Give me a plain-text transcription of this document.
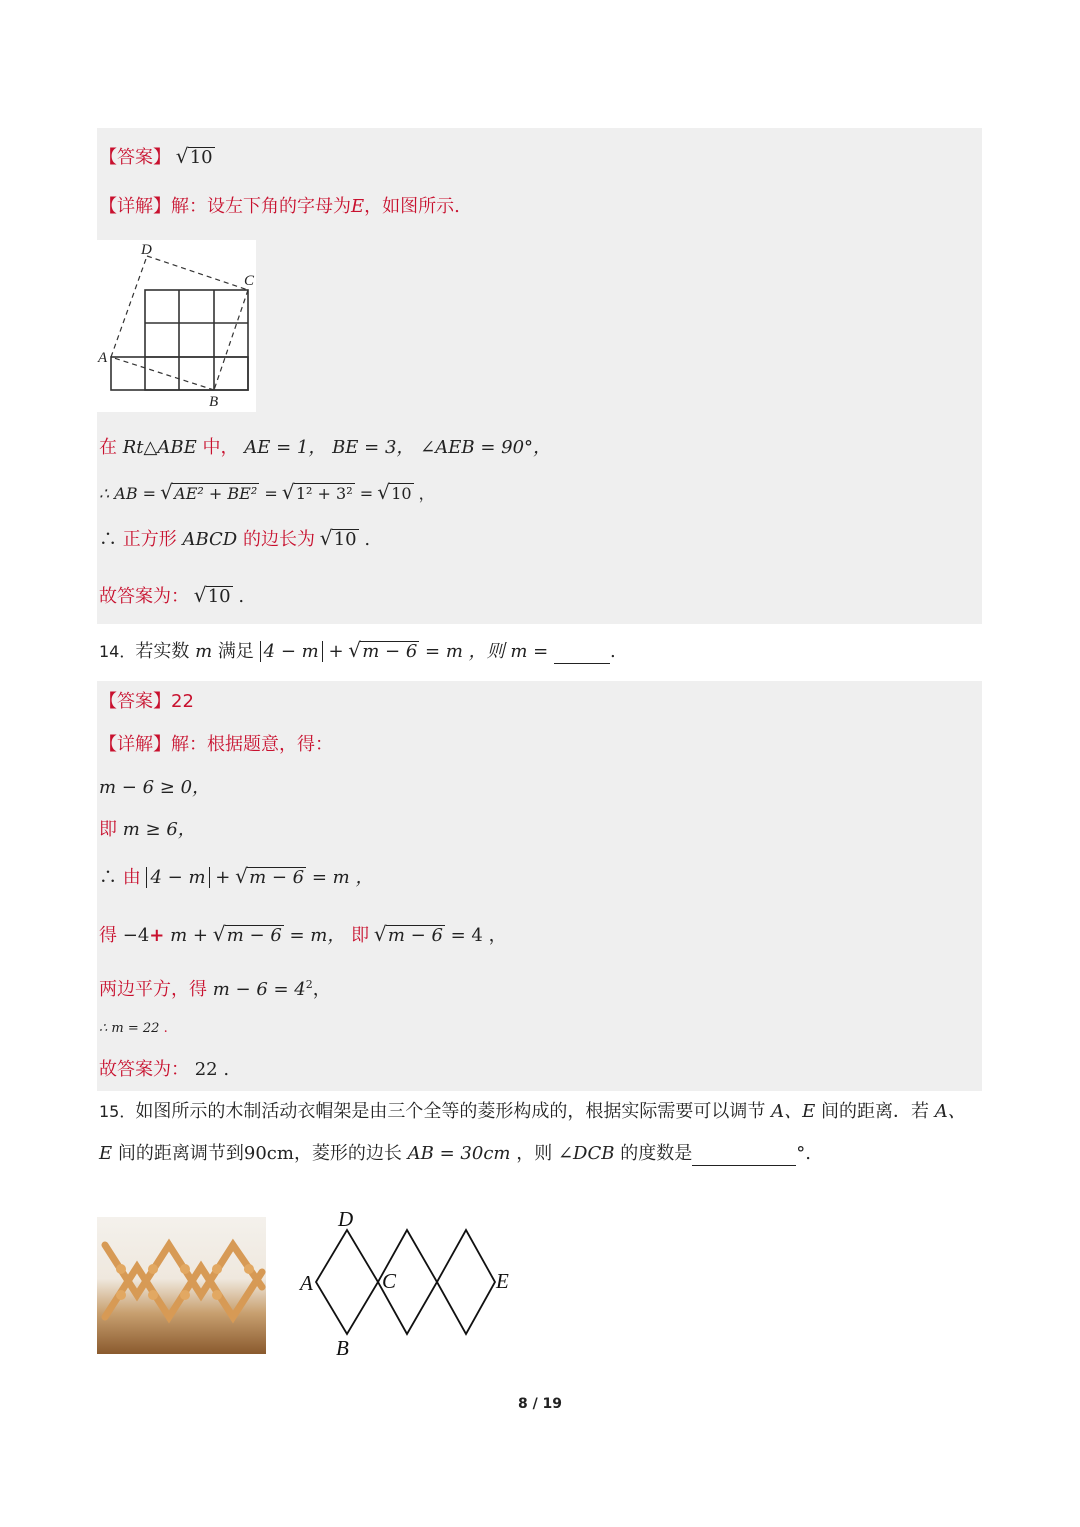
【答案】 √ 10
【详解】解：设左下角的字母为E，如图所示.
D
C
A
B
在 Rt△ABE 中， AE = 1， BE = 3， ∠AEB = 90°，
∴ AB = √ AE² + BE² = √ 1² + 3² = √ 10 ，
∴ 正方形 ABCD 的边长为 √ 10 .
故答案为： √ 10 .
14．若实数 m 满足 4 − m + √ m − 6 = m ，则 m =	.
【答案】22
【详解】解：根据题意，得：
m − 6 ≥ 0，
即 m ≥ 6，
∴ 由 4 − m + √ m − 6 = m ，
得 −4+ m + √ m − 6 = m， 即 √ m − 6 = 4 ，
两边平方，得 $m - 6 = 4^2$，
∴ m = 22 .
故答案为： 22 .
15．如图所示的木制活动衣帽架是由三个全等的菱形构成的，根据实际需要可以调节 A、E 间的距离．若 A、
E 间的距离调节到90cm，菱形的边长 AB = 30cm ，则 ∠DCB 的度数是	°.
D
A	C	E
B
8 / 19
